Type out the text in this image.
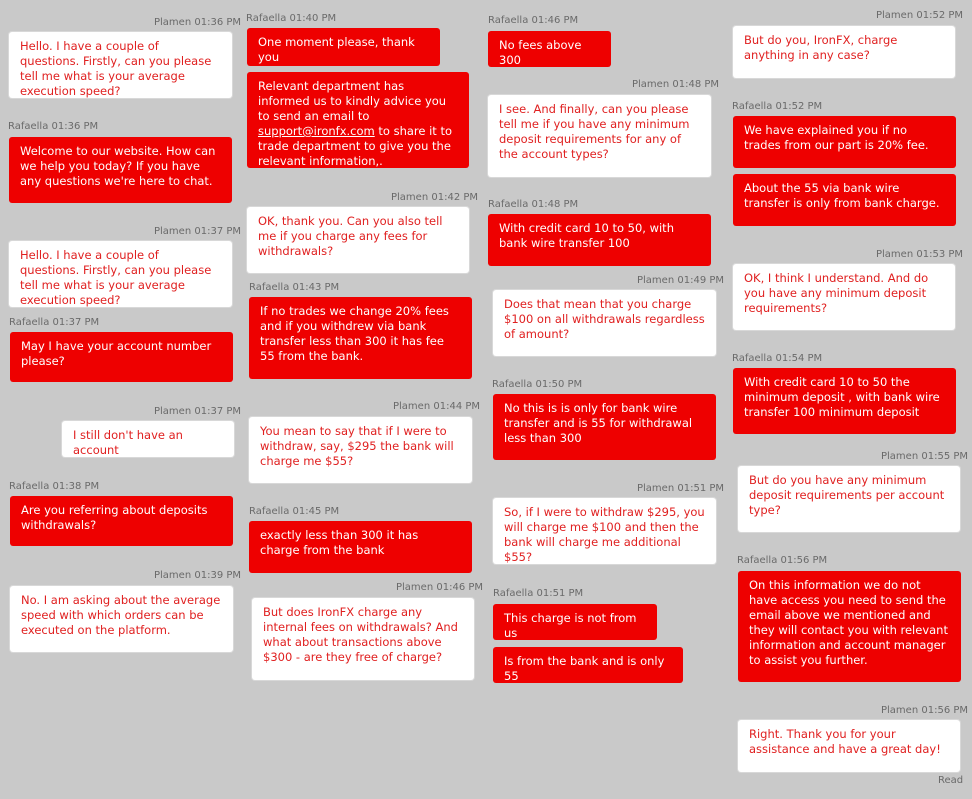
Plamen 01:36 PM
Hello. I have a couple of questions. Firstly, can you please tell me what is your average execution speed?
Rafaella 01:36 PM
Welcome to our website. How can we help you today? If you have any questions we're here to chat.
Plamen 01:37 PM
Hello. I have a couple of questions. Firstly, can you please tell me what is your average execution speed?
Rafaella 01:37 PM
May I have your account number please?
Plamen 01:37 PM
I still don't have an account
Rafaella 01:38 PM
Are you referring about deposits withdrawals?
Plamen 01:39 PM
No. I am asking about the average speed with which orders can be executed on the platform.
Rafaella 01:40 PM
One moment please, thank you
Relevant department has informed us to kindly advice you to send an email to support@ironfx.com to share it to trade department to give you the relevant information,.
Plamen 01:42 PM
OK, thank you. Can you also tell me if you charge any fees for withdrawals?
Rafaella 01:43 PM
If no trades we change 20% fees and if you withdrew via bank transfer less than 300 it has fee 55 from the bank.
Plamen 01:44 PM
You mean to say that if I were to withdraw, say, $295 the bank will charge me $55?
Rafaella 01:45 PM
exactly less than 300 it has charge from the bank
Plamen 01:46 PM
But does IronFX charge any internal fees on withdrawals? And what about transactions above $300 - are they free of charge?
Rafaella 01:46 PM
No fees above 300
Plamen 01:48 PM
I see. And finally, can you please tell me if you have any minimum deposit requirements for any of the account types?
Rafaella 01:48 PM
With credit card 10 to 50, with bank wire transfer 100
Plamen 01:49 PM
Does that mean that you charge $100 on all withdrawals regardless of amount?
Rafaella 01:50 PM
No this is is only for bank wire transfer and is 55 for withdrawal less than 300
Plamen 01:51 PM
So, if I were to withdraw $295, you will charge me $100 and then the bank will charge me additional $55?
Rafaella 01:51 PM
This charge is not from us
Is from the bank and is only 55
Plamen 01:52 PM
But do you, IronFX, charge anything in any case?
Rafaella 01:52 PM
We have explained you if no trades from our part is 20% fee.
About the 55 via bank wire transfer is only from bank charge.
Plamen 01:53 PM
OK, I think I understand. And do you have any minimum deposit requirements?
Rafaella 01:54 PM
With credit card 10 to 50 the minimum deposit , with bank wire transfer 100 minimum deposit
Plamen 01:55 PM
But do you have any minimum deposit requirements per account type?
Rafaella 01:56 PM
On this information we do not have access you need to send the email above we mentioned and they will contact you with relevant information and account manager to assist you further.
Plamen 01:56 PM
Right. Thank you for your assistance and have a great day!
Read
